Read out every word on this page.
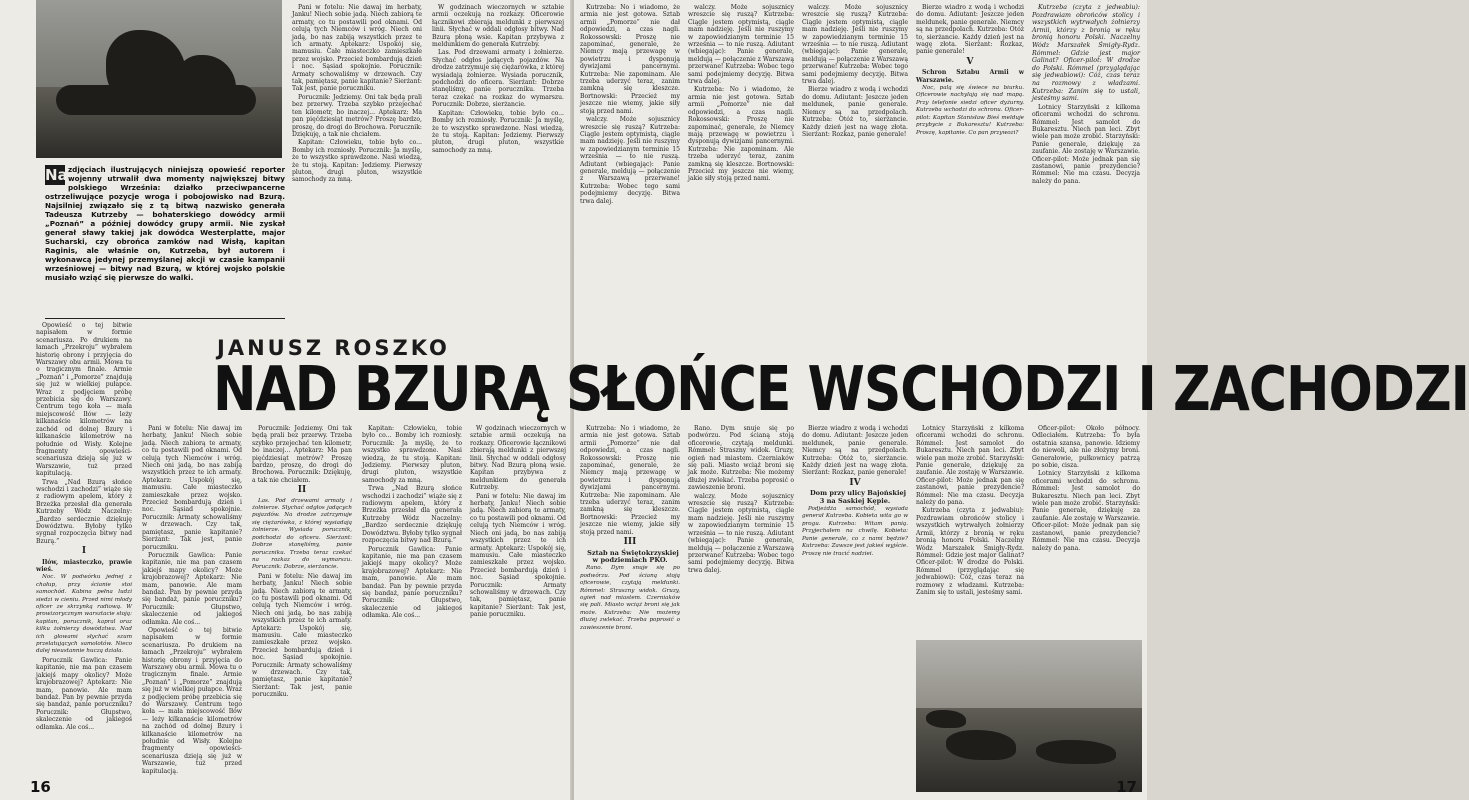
Na zdjęciach ilustrujących niniejszą opowieść reporter wojenny utrwalił dwa momenty największej bitwy polskiego Września: działko przeciwpancerne ostrzeliwujące pozycje wroga i pobojowisko nad Bzurą. Najsilniej związało się z tą bitwą nazwisko generała Tadeusza Kutrzeby — bohaterskiego dowódcy armii „Poznań” a później dowódcy grupy armii. Nie zyskał generał sławy takiej jak dowódca Westerplatte, major Sucharski, czy obrońca zamków nad Wisłą, kapitan Raginis, ale właśnie on, Kutrzeba, był autorem i wykonawcą jedynej przemyślanej akcji w czasie kampanii wrześniowej — bitwy nad Bzurą, w której wojsko polskie musiało wziąć się pierwsze do walki.

Opowieść o tej bitwie napisałem w formie scenariusza. Po drukiem na łamach „Przekroju” wybrałem historię obrony i przyjęcia do Warszawy obu armii. Mowa tu o tragicznym finale. Armie „Poznań” i „Pomorze” znajdują się już w wielkiej pułapce. Wraz z podjęciem próbę przebicia się do Warszawy. Centrum tego koła — mała miejscowość Iłów — leży kilkanaście kilometrów na zachód od dolnej Bzury i kilkanaście kilometrów na południe od Wisły. Kolejne fragmenty opowieści-scenariusza dzieją się już w Warszawie, tuż przed kapitulacją.

Trwa „Nad Bzurą słońce wschodzi i zachodzi” wiąże się z radiowym apelem, który z Brzeżka przesłał dla generała Kutrzeby Wódz Naczelny: „Bardzo serdecznie dziękuję Dowództwu. Byłoby tylko sygnał rozpoczęcia bitwy nad Bzurą.”

I

Iłów, miasteczko, prawie wieś.

Noc. W podwórku jednej z chałup, przy ścianie stoi samochód. Kabina pełna ludzi siedzi w cieniu. Przed nimi młody oficer ze skrzynką radiową. W prowizorycznym warsztacie stoją: kapitan, porucznik, kapral oraz kilku żołnierzy dowództwa. Nad ich głowami słychać szum przelatujących samolotów. Nieco dalej nieustannie huczą działa.

Porucznik Gawlica: Panie kapitanie, nie ma pan czasem jakiejś mapy okolicy? Może krajobrazowej? Aptekarz: Nie mam, panowie. Ale mam bandaż. Pan by pewnie przyda się bandaż, panie poruczniku? Porucznik: Głupstwo, skaleczenie od jakiegoś odłamka. Ale coś...

Pani w fotelu: Nie dawaj im herbaty, Janku! Niech sobie jadą. Niech zabiorą te armaty, co tu postawili pod oknami. Od celują tych Niemców i wróg. Niech oni jadą, bo nas zabiją wszystkich przez te ich armaty. Aptekarz: Uspokój się, mamusiu. Całe miasteczko zamieszkałe przez wojsko. Przecież bombardują dzień i noc. Sąsiad spokojnie. Porucznik: Armaty schowaliśmy w drzewach. Czy tak, pamiętasz, panie kapitanie? Sierżant: Tak jest, panie poruczniku.

Porucznik Gawlica: Panie kapitanie, nie ma pan czasem jakiejś mapy okolicy? Może krajobrazowej? Aptekarz: Nie mam, panowie. Ale mam bandaż. Pan by pewnie przyda się bandaż, panie poruczniku? Porucznik: Głupstwo, skaleczenie od jakiegoś odłamka. Ale coś...

Opowieść o tej bitwie napisałem w formie scenariusza. Po drukiem na łamach „Przekroju” wybrałem historię obrony i przyjęcia do Warszawy obu armii. Mowa tu o tragicznym finale. Armie „Poznań” i „Pomorze” znajdują się już w wielkiej pułapce. Wraz z podjęciem próbę przebicia się do Warszawy. Centrum tego koła — mała miejscowość Iłów — leży kilkanaście kilometrów na zachód od dolnej Bzury i kilkanaście kilometrów na południe od Wisły. Kolejne fragmenty opowieści-scenariusza dzieją się już w Warszawie, tuż przed kapitulacją.

Pani w fotelu: Nie dawaj im herbaty, Janku! Niech sobie jadą. Niech zabiorą te armaty, co tu postawili pod oknami. Od celują tych Niemców i wróg. Niech oni jadą, bo nas zabiją wszystkich przez te ich armaty. Aptekarz: Uspokój się, mamusiu. Całe miasteczko zamieszkałe przez wojsko. Przecież bombardują dzień i noc. Sąsiad spokojnie. Porucznik: Armaty schowaliśmy w drzewach. Czy tak, pamiętasz, panie kapitanie? Sierżant: Tak jest, panie poruczniku.

Porucznik: Jedziemy. Oni tak będą prali bez przerwy. Trzeba szybko przejechać ten kilometr, bo inaczej... Aptekarz: Ma pan pięćdziesiąt metrów? Proszę bardzo, proszę, do drogi do Brochowa. Porucznik: Dziękuję, a tak nie chciałem.

Kapitan: Człowieku, tobie było co... Bomby ich rozniosły. Porucznik: Ja myślę, że to wszystko sprawdzone. Nasi wiedzą, że tu stoją. Kapitan: Jedziemy. Pierwszy pluton, drugi pluton, wszystkie samochody za mną.

W godzinach wieczornych w sztabie armii oczekują na rozkazy. Oficerowie łącznikowi zbierają meldunki z pierwszej linii. Słychać w oddali odgłosy bitwy. Nad Bzurą płoną wsie. Kapitan przybywa z meldunkiem do generała Kutrzeby.

Las. Pod drzewami armaty i żołnierze. Słychać odgłos jadących pojazdów. Na drodze zatrzymuje się ciężarówka, z której wysiadają żołnierze. Wysiada porucznik, podchodzi do oficera. Sierżant: Dobrze stanęliśmy, panie poruczniku. Trzeba teraz czekać na rozkaz do wymarszu. Porucznik: Dobrze, sierżancie.

Kapitan: Człowieku, tobie było co... Bomby ich rozniosły. Porucznik: Ja myślę, że to wszystko sprawdzone. Nasi wiedzą, że tu stoją. Kapitan: Jedziemy. Pierwszy pluton, drugi pluton, wszystkie samochody za mną.

Porucznik: Jedziemy. Oni tak będą prali bez przerwy. Trzeba szybko przejechać ten kilometr, bo inaczej... Aptekarz: Ma pan pięćdziesiąt metrów? Proszę bardzo, proszę, do drogi do Brochowa. Porucznik: Dziękuję, a tak nie chciałem.

II

Las. Pod drzewami armaty i żołnierze. Słychać odgłos jadących pojazdów. Na drodze zatrzymuje się ciężarówka, z której wysiadają żołnierze. Wysiada porucznik, podchodzi do oficera. Sierżant: Dobrze stanęliśmy, panie poruczniku. Trzeba teraz czekać na rozkaz do wymarszu. Porucznik: Dobrze, sierżancie.

Pani w fotelu: Nie dawaj im herbaty, Janku! Niech sobie jadą. Niech zabiorą te armaty, co tu postawili pod oknami. Od celują tych Niemców i wróg. Niech oni jadą, bo nas zabiją wszystkich przez te ich armaty. Aptekarz: Uspokój się, mamusiu. Całe miasteczko zamieszkałe przez wojsko. Przecież bombardują dzień i noc. Sąsiad spokojnie. Porucznik: Armaty schowaliśmy w drzewach. Czy tak, pamiętasz, panie kapitanie? Sierżant: Tak jest, panie poruczniku.

Kapitan: Człowieku, tobie było co... Bomby ich rozniosły. Porucznik: Ja myślę, że to wszystko sprawdzone. Nasi wiedzą, że tu stoją. Kapitan: Jedziemy. Pierwszy pluton, drugi pluton, wszystkie samochody za mną.

Trwa „Nad Bzurą słońce wschodzi i zachodzi” wiąże się z radiowym apelem, który z Brzeżka przesłał dla generała Kutrzeby Wódz Naczelny: „Bardzo serdecznie dziękuję Dowództwu. Byłoby tylko sygnał rozpoczęcia bitwy nad Bzurą.”

Porucznik Gawlica: Panie kapitanie, nie ma pan czasem jakiejś mapy okolicy? Może krajobrazowej? Aptekarz: Nie mam, panowie. Ale mam bandaż. Pan by pewnie przyda się bandaż, panie poruczniku? Porucznik: Głupstwo, skaleczenie od jakiegoś odłamka. Ale coś...

W godzinach wieczornych w sztabie armii oczekują na rozkazy. Oficerowie łącznikowi zbierają meldunki z pierwszej linii. Słychać w oddali odgłosy bitwy. Nad Bzurą płoną wsie. Kapitan przybywa z meldunkiem do generała Kutrzeby.

Pani w fotelu: Nie dawaj im herbaty, Janku! Niech sobie jadą. Niech zabiorą te armaty, co tu postawili pod oknami. Od celują tych Niemców i wróg. Niech oni jadą, bo nas zabiją wszystkich przez te ich armaty. Aptekarz: Uspokój się, mamusiu. Całe miasteczko zamieszkałe przez wojsko. Przecież bombardują dzień i noc. Sąsiad spokojnie. Porucznik: Armaty schowaliśmy w drzewach. Czy tak, pamiętasz, panie kapitanie? Sierżant: Tak jest, panie poruczniku.

16

Kutrzeba: No i wiadomo, że armia nie jest gotowa. Sztab armii „Pomorze” nie dał odpowiedzi, a czas nagli. Rokossowski: Proszę nie zapominać, generale, że Niemcy mają przewagę w powietrzu i dysponują dywizjami pancernymi. Kutrzeba: Nie zapominam. Ale trzeba uderzyć teraz, zanim zamkną się kleszcze. Bortnowski: Przecież my jeszcze nie wiemy, jakie siły stoją przed nami.

walczy. Może sojusznicy wreszcie się ruszą? Kutrzeba: Ciągle jestem optymistą, ciągle mam nadzieję. Jeśli nie ruszymy w zapowiedzianym terminie 15 września — to nie ruszą. Adiutant (wbiegając): Panie generale, meldują — połączenie z Warszawą przerwane! Kutrzeba: Wobec tego sami podejmiemy decyzję. Bitwa trwa dalej.

walczy. Może sojusznicy wreszcie się ruszą? Kutrzeba: Ciągle jestem optymistą, ciągle mam nadzieję. Jeśli nie ruszymy w zapowiedzianym terminie 15 września — to nie ruszą. Adiutant (wbiegając): Panie generale, meldują — połączenie z Warszawą przerwane! Kutrzeba: Wobec tego sami podejmiemy decyzję. Bitwa trwa dalej.

Kutrzeba: No i wiadomo, że armia nie jest gotowa. Sztab armii „Pomorze” nie dał odpowiedzi, a czas nagli. Rokossowski: Proszę nie zapominać, generale, że Niemcy mają przewagę w powietrzu i dysponują dywizjami pancernymi. Kutrzeba: Nie zapominam. Ale trzeba uderzyć teraz, zanim zamkną się kleszcze. Bortnowski: Przecież my jeszcze nie wiemy, jakie siły stoją przed nami.

walczy. Może sojusznicy wreszcie się ruszą? Kutrzeba: Ciągle jestem optymistą, ciągle mam nadzieję. Jeśli nie ruszymy w zapowiedzianym terminie 15 września — to nie ruszą. Adiutant (wbiegając): Panie generale, meldują — połączenie z Warszawą przerwane! Kutrzeba: Wobec tego sami podejmiemy decyzję. Bitwa trwa dalej.

Bierze wiadro z wodą i wchodzi do domu. Adiutant: Jeszcze jeden meldunek, panie generale. Niemcy są na przedpolach. Kutrzeba: Otóż to, sierżancie. Każdy dzień jest na wagę złota. Sierżant: Rozkaz, panie generale!

Bierze wiadro z wodą i wchodzi do domu. Adiutant: Jeszcze jeden meldunek, panie generale. Niemcy są na przedpolach. Kutrzeba: Otóż to, sierżancie. Każdy dzień jest na wagę złota. Sierżant: Rozkaz, panie generale!

V

Schron Sztabu Armii w Warszawie.

Noc, palą się świece na biurku. Oficerowie nachylają się nad mapą. Przy telefonie siedzi oficer dyżurny. Kutrzeba wchodzi do schronu. Oficer-pilot: Kapitan Stanisław Bieś melduje przybycie z Bukaresztu! Kutrzeba: Proszę, kapitanie. Co pan przywozi?

Kutrzeba (czyta z jedwabiu): Pozdrawiam obrońców stolicy i wszystkich wytrwałych żołnierzy Armii, którzy z bronią w ręku bronią honoru Polski. Naczelny Wódz Marszałek Śmigły-Rydz. Rómmel: Gdzie jest major Galinat? Oficer-pilot: W drodze do Polski. Rómmel (przyglądając się jedwabiowi): Cóż, czas teraz na rozmowy z władzami. Kutrzeba: Zanim się to ustali, jesteśmy sami.

Lotnicy Starzyński z kilkoma oficerami wchodzi do schronu. Rómmel: Jest samolot do Bukaresztu. Niech pan leci. Zbyt wiele pan może zrobić. Starzyński: Panie generale, dziękuję za zaufanie. Ale zostaję w Warszawie. Oficer-pilot: Może jednak pan się zastanowi, panie prezydencie? Rómmel: Nie ma czasu. Decyzja należy do pana.

Kutrzeba: No i wiadomo, że armia nie jest gotowa. Sztab armii „Pomorze” nie dał odpowiedzi, a czas nagli. Rokossowski: Proszę nie zapominać, generale, że Niemcy mają przewagę w powietrzu i dysponują dywizjami pancernymi. Kutrzeba: Nie zapominam. Ale trzeba uderzyć teraz, zanim zamkną się kleszcze. Bortnowski: Przecież my jeszcze nie wiemy, jakie siły stoją przed nami.

III

Sztab na Świętokrzyskiej w podziemiach PKO.

Rano. Dym snuje się po podwórzu. Pod ścianą stoją oficerowie, czytają meldunki. Rómmel: Straszny widok. Gruzy, ogień nad miastem. Czerniaków się pali. Miasto wciąż broni się jak może. Kutrzeba: Nie możemy dłużej zwlekać. Trzeba poprosić o zawieszenie broni.

Rano. Dym snuje się po podwórzu. Pod ścianą stoją oficerowie, czytają meldunki. Rómmel: Straszny widok. Gruzy, ogień nad miastem. Czerniaków się pali. Miasto wciąż broni się jak może. Kutrzeba: Nie możemy dłużej zwlekać. Trzeba poprosić o zawieszenie broni.

walczy. Może sojusznicy wreszcie się ruszą? Kutrzeba: Ciągle jestem optymistą, ciągle mam nadzieję. Jeśli nie ruszymy w zapowiedzianym terminie 15 września — to nie ruszą. Adiutant (wbiegając): Panie generale, meldują — połączenie z Warszawą przerwane! Kutrzeba: Wobec tego sami podejmiemy decyzję. Bitwa trwa dalej.

Bierze wiadro z wodą i wchodzi do domu. Adiutant: Jeszcze jeden meldunek, panie generale. Niemcy są na przedpolach. Kutrzeba: Otóż to, sierżancie. Każdy dzień jest na wagę złota. Sierżant: Rozkaz, panie generale!

IV

Dom przy ulicy Bajońskiej 3 na Saskiej Kępie.

Podjeżdża samochód, wysiada generał Kutrzeba. Kobieta wita go w progu. Kutrzeba: Witam panią. Przyjechałem na chwilę. Kobieta: Panie generale, co z nami będzie? Kutrzeba: Zawsze jest jakieś wyjście. Proszę nie tracić nadziei.

Lotnicy Starzyński z kilkoma oficerami wchodzi do schronu. Rómmel: Jest samolot do Bukaresztu. Niech pan leci. Zbyt wiele pan może zrobić. Starzyński: Panie generale, dziękuję za zaufanie. Ale zostaję w Warszawie. Oficer-pilot: Może jednak pan się zastanowi, panie prezydencie? Rómmel: Nie ma czasu. Decyzja należy do pana.

Kutrzeba (czyta z jedwabiu): Pozdrawiam obrońców stolicy i wszystkich wytrwałych żołnierzy Armii, którzy z bronią w ręku bronią honoru Polski. Naczelny Wódz Marszałek Śmigły-Rydz. Rómmel: Gdzie jest major Galinat? Oficer-pilot: W drodze do Polski. Rómmel (przyglądając się jedwabiowi): Cóż, czas teraz na rozmowy z władzami. Kutrzeba: Zanim się to ustali, jesteśmy sami.

Oficer-pilot: Około północy. Odleciałem. Kutrzeba: To była ostatnia szansa, panowie. Idziemy do niewoli, ale nie złożymy broni. Generałowie, pułkownicy patrzą po sobie, cisza.

Lotnicy Starzyński z kilkoma oficerami wchodzi do schronu. Rómmel: Jest samolot do Bukaresztu. Niech pan leci. Zbyt wiele pan może zrobić. Starzyński: Panie generale, dziękuję za zaufanie. Ale zostaję w Warszawie. Oficer-pilot: Może jednak pan się zastanowi, panie prezydencie? Rómmel: Nie ma czasu. Decyzja należy do pana.

17
JANUSZ ROSZKO
NAD BZURĄ SŁOŃCE WSCHODZI I ZACHODZI
